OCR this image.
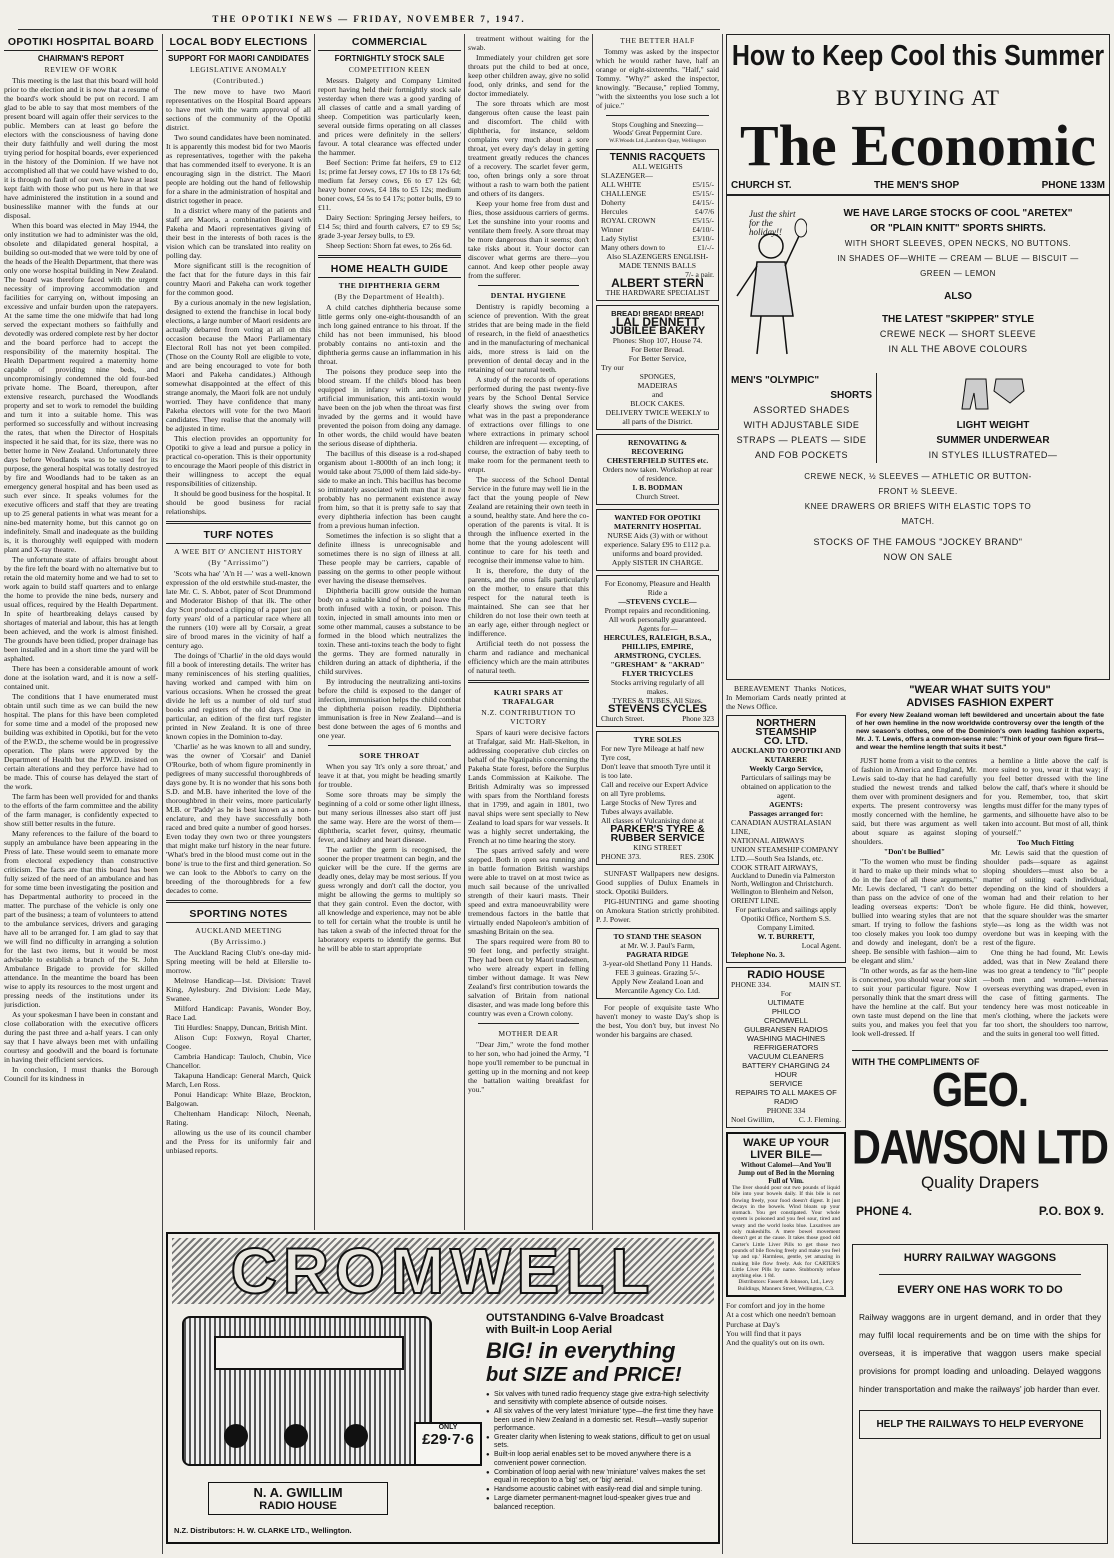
THE OPOTIKI NEWS — FRIDAY, NOVEMBER 7, 1947.
OPOTIKI HOSPITAL BOARD
CHAIRMAN'S REPORT
REVIEW OF WORK

This meeting is the last that this board will hold prior to the election and it is now that a resume of the board's work should be put on record. I am glad to be able to say that most members of the present board will again offer their services to the public. Members can at least go before the electors with the consciousness of having done their duty faithfully and well during the most trying period for hospital boards, ever experienced in the history of the Dominion. If we have not accomplished all that we could have wished to do, it is through no fault of our own. We have at least kept faith with those who put us here in that we have administered the institution in a sound and businesslike manner with the funds at our disposal.

When this board was elected in May 1944, the only institution we had to administer was the old, obsolete and dilapidated general hospital, a building so out-moded that we were told by one of the heads of the Health Department, that there was only one worse hospital building in New Zealand. The board was therefore faced with the urgent necessity of improving accommodation and facilities for carrying on, without imposing an excessive and unfair burden upon the ratepayers. At the same time the one midwife that had long served the expectant mothers so faithfully and devotedly was ordered complete rest by her doctor and the board perforce had to accept the responsibility of the maternity hospital. The Health Department required a maternity home capable of providing nine beds, and uncompromisingly condemned the old four-bed private home. The Board, thereupon, after extensive research, purchased the Woodlands property and set to work to remodel the building and turn it into a suitable home. This was performed so successfully and without increasing the rates, that when the Director of Hospitals inspected it he said that, for its size, there was no better home in New Zealand. Unfortunately three days before Woodlands was to be used for its purpose, the general hospital was totally destroyed by fire and Woodlands had to be taken as an emergency general hospital and has been used as such ever since. It speaks volumes for the executive officers and staff that they are treating up to 25 general patients in what was meant for a nine-bed maternity home, but this cannot go on indefinitely. Small and inadequate as the building is, it is thoroughly well equipped with modern plant and X-ray theatre.

The unfortunate state of affairs brought about by the fire left the board with no alternative but to retain the old maternity home and we had to set to work again to build staff quarters and to enlarge the home to provide the nine beds, nursery and usual offices, required by the Health Department. In spite of heartbreaking delays caused by shortages of material and labour, this has at length been achieved, and the work is almost finished. The grounds have been tidied, proper drainage has been installed and in a short time the yard will be asphalted.

There has been a considerable amount of work done at the isolation ward, and it is now a self-contained unit.

The conditions that I have enumerated must obtain until such time as we can build the new hospital. The plans for this have been completed for some time and a model of the proposed new building was exhibited in Opotiki, but for the veto of the P.W.D., the scheme would be in progressive operation. The plans were approved by the Department of Health but the P.W.D. insisted on certain alterations and they perforce have had to be made. This of course has delayed the start of the work.

The farm has been well provided for and thanks to the efforts of the farm committee and the ability of the farm manager, is confidently expected to show still better results in the future.

Many references to the failure of the board to supply an ambulance have been appearing in the Press of late. These would seem to emanate more from electoral expediency than constructive criticism. The facts are that this board has been fully seized of the need of an ambulance and has for some time been investigating the position and has Departmental authority to proceed in the matter. The purchase of the vehicle is only one part of the business; a team of volunteers to attend to the ambulance services, drivers and garaging have all to be arranged for. I am glad to say that we will find no difficulty in arranging a solution for the last two items, but it would be most advisable to establish a branch of the St. John Ambulance Brigade to provide for skilled attendance. In the meantime the board has been wise to apply its resources to the most urgent and pressing needs of the institutions under its jurisdiction.

As your spokesman I have been in constant and close collaboration with the executive officers during the past three and a-half years. I can only say that I have always been met with unfailing courtesy and goodwill and the board is fortunate in having their efficient services.

In conclusion, I must thanks the Borough Council for its kindness in

LOCAL BODY ELECTIONS
SUPPORT FOR MAORI CANDIDATES
LEGISLATIVE ANOMALY
(Contributed.)

The new move to have two Maori representatives on the Hospital Board appears to have met with the warm approval of all sections of the community of the Opotiki district.

Two sound candidates have been nominated. It is apparently this modest bid for two Maoris as representatives, together with the pakeha that has commended itself to everyone. It is an encouraging sign in the district. The Maori people are holding out the hand of fellowship for a share in the administration of hospital and district together in peace.

In a district where many of the patients and staff are Maoris, a combination Board with Pakeha and Maori representatives giving of their best in the interests of both races is the vision which can be translated into reality on polling day.

More significant still is the recognition of the fact that for the future days in this fair country Maori and Pakeha can work together for the common good.

By a curious anomaly in the new legislation, designed to extend the franchise in local body elections, a large number of Maori residents are actually debarred from voting at all on this occasion because the Maori Parliamentary Electoral Roll has not yet been compiled. (Those on the County Roll are eligible to vote, and are being encouraged to vote for both Maori and Pakeha candidates.) Although somewhat disappointed at the effect of this strange anomaly, the Maori folk are not unduly worried. They have confidence that many Pakeha electors will vote for the two Maori candidates. They realise that the anomaly will be adjusted in time.

This election provides an opportunity for Opotiki to give a lead and pursue a policy in practical co-operation. This is their opportunity to encourage the Maori people of this district in their willingness to accept the equal responsibilities of citizenship.

It should be good business for the hospital. It should be good business for racial relationships.

TURF NOTES
A WEE BIT O' ANCIENT HISTORY
(By "Arrissimo")

'Scots wha hae' 'A'n H —' was a well-known expression of the old erstwhile stud-master, the late Mr. C. S. Abbot, pater of Scot Drummond and Moderator Bishop of that ilk. The other day Scot produced a clipping of a paper just on forty years' old of a particular race where all the runners (10) were all by Corsair, a great sire of brood mares in the vicinity of half a century ago.

The doings of 'Charlie' in the old days would fill a book of interesting details. The writer has many reminiscences of his sterling qualities, having worked and camped with him on various occasions. When he crossed the great divide he left us a number of old turf stud books and registers of the old days. One in particular, an edition of the first turf register printed in New Zealand. It is one of three known copies in the Dominion to-day.

'Charlie' as he was known to all and sundry, was the owner of 'Corsair' and Daniel O'Rourke, both of whom figure prominently in pedigrees of many successful thoroughbreds of days gone by. It is no wonder that his sons both S.D. and M.B. have inherited the love of the thoroughbred in their veins, more particularly M.B. or 'Paddy' as he is best known as a non-enclature, and they have successfully both raced and bred quite a number of good horses. Even today they own two or three youngsters that might make turf history in the near future. 'What's bred in the blood must come out in the bone' is true to the first and third generation. So we can look to the Abbot's to carry on the breeding of the thoroughbreds for a few decades to come.

SPORTING NOTES
AUCKLAND MEETING
(By Arrissimo.)

The Auckland Racing Club's one-day mid-Spring meeting will be held at Ellerslie to-morrow.

Melrose Handicap—1st. Division: Travel King, Aylesbury. 2nd Division: Lede May, Swanee.

Milford Handicap: Pavanis, Wonder Boy, Race Lad.

Titi Hurdles: Snappy, Duncan, British Mint.

Alison Cup: Foxwyn, Royal Charter, Coogee.

Cambria Handicap: Tauloch, Chubin, Vice Chancellor.

Takapuna Handicap: General March, Quick March, Len Ross.

Ponui Handicap: White Blaze, Brockton, Balgowan.

Cheltenham Handicap: Niloch, Neenah, Rating.

allowing us the use of its council chamber and the Press for its uniformly fair and unbiased reports.

COMMERCIAL
FORTNIGHTLY STOCK SALE
COMPETITION KEEN

Messrs. Dalgety and Company Limited report having held their fortnightly stock sale yesterday when there was a good yarding of all classes of cattle and a small yarding of sheep. Competition was particularly keen, several outside firms operating on all classes and prices were definitely in the sellers' favour. A total clearance was effected under the hammer.

Beef Section: Prime fat heifers, £9 to £12 1s; prime fat Jersey cows, £7 10s to £8 17s 6d; medium fat Jersey cows, £6 to £7 12s 6d; heavy boner cows, £4 18s to £5 12s; medium boner cows, £4 5s to £4 17s; potter bulls, £9 to £11.

Dairy Section: Springing Jersey heifers, to £14 5s; third and fourth calvers, £7 to £9 5s; grade 3-year Jersey bulls, to £9.

Sheep Section: Shorn fat ewes, to 26s 6d.

HOME HEALTH GUIDE
THE DIPHTHERIA GERM
(By the Department of Health).

A child catches diphtheria because some little germs only one-eight-thousandth of an inch long gained entrance to his throat. If the child has not been immunised, his blood probably contains no anti-toxin and the diphtheria germs cause an inflammation in his throat.

The poisons they produce seep into the blood stream. If the child's blood has been equipped in infancy with anti-toxin by artificial immunisation, this anti-toxin would have been on the job when the throat was first invaded by the germs and it would have prevented the poison from doing any damage. In other words, the child would have beaten the serious disease of diphtheria.

The bacillus of this disease is a rod-shaped organism about 1-8000th of an inch long; it would take about 75,000 of them laid side-by-side to make an inch. This bacillus has become so intimately associated with man that it now probably has no permanent existence away from him, so that it is pretty safe to say that every diphtheria infection has been caught from a previous human infection.

Sometimes the infection is so slight that a definite illness is unrecognisable and sometimes there is no sign of illness at all. These people may be carriers, capable of passing on the germs to other people without ever having the disease themselves.

Diphtheria bacilli grow outside the human body on a suitable kind of broth and leave the broth infused with a toxin, or poison. This toxin, injected in small amounts into men or some other mammal, causes a substance to be formed in the blood which neutralizes the toxin. These anti-toxins teach the body to fight the germs. They are formed naturally in children during an attack of diphtheria, if the child survives.

By introducing the neutralizing anti-toxins before the child is exposed to the danger of infection, immunisation helps the child combat the diphtheria poison readily. Diphtheria immunisation is free in New Zealand—and is best done between the ages of 6 months and one year.

SORE THROAT

When you say 'It's only a sore throat,' and leave it at that, you might be heading smartly for trouble.

Some sore throats may be simply the beginning of a cold or some other light illness, but many serious illnesses also start off just the same way. Here are the worst of them—diphtheria, scarlet fever, quinsy, rheumatic fever, and kidney and heart disease.

The earlier the germ is recognised, the sooner the proper treatment can begin, and the quicker will be the cure. If the germs are deadly ones, delay may be most serious. If you guess wrongly and don't call the doctor, you might be allowing the germs to multiply so that they gain control. Even the doctor, with all knowledge and experience, may not be able to tell for certain what the trouble is until he has taken a swab of the infected throat for the laboratory experts to identify the germs. But he will be able to start appropriate

treatment without waiting for the swab.

Immediately your children get sore throats put the child to bed at once, keep other children away, give no solid food, only drinks, and send for the doctor immediately.

The sore throats which are most dangerous often cause the least pain and discomfort. The child with diphtheria, for instance, seldom complains very much about a sore throat, yet every day's delay in getting treatment greatly reduces the chances of a recovery. The scarlet fever germ, too, often brings only a sore throat without a rash to warn both the patient and others of its dangers.

Keep your home free from dust and flies, those assiduous carriers of germs. Let the sunshine into your rooms and ventilate them freely. A sore throat may be more dangerous than it seems; don't take risks about it. Your doctor can discover what germs are there—you cannot. And keep other people away from the sufferer.

DENTAL HYGIENE

Dentistry is rapidly becoming a science of prevention. With the great strides that are being made in the field of research, in the field of anaesthetics and in the manufacturing of mechanical aids, more stress is laid on the prevention of dental decay and in the retaining of our natural teeth.

A study of the records of operations performed during the past twenty-five years by the School Dental Service clearly shows the swing over from what was in the past a preponderance of extractions over fillings to one where extractions in primary school children are infrequent — excepting, of course, the extraction of baby teeth to make room for the permanent teeth to erupt.

The success of the School Dental Service in the future may well lie in the fact that the young people of New Zealand are retaining their own teeth in a sound, healthy state. And here the co-operation of the parents is vital. It is through the influence exerted in the home that the young adolescent will continue to care for his teeth and recognise their immense value to him.

It is, therefore, the duty of the parents, and the onus falls particularly on the mother, to ensure that this respect for the natural teeth is maintained. She can see that her children do not lose their own teeth at an early age, either through neglect or indifference.

Artificial teeth do not possess the charm and radiance and mechanical efficiency which are the main attributes of natural teeth.

KAURI SPARS AT TRAFALGAR
N.Z. CONTRIBUTION TO VICTORY

Spars of kauri were decisive factors at Trafalgar, said Mr. Hall-Skelton, in addressing cooperative club circles on behalf of the Ngatipahis concerning the Pakeha State forest, before the Surplus Lands Commission at Kaikohe. The British Admiralty was so impressed with spars from the Northland forests that in 1799, and again in 1801, two naval ships were sent specially to New Zealand to load spars for war vessels. It was a highly secret undertaking, the French at no time hearing the story.

The spars arrived safely and were stepped. Both in open sea running and in battle formation British warships were able to travel on at most twice as much sail because of the unrivalled strength of their kauri masts. Their speed and extra manoeuvrability were tremendous factors in the battle that virtually ended Napoleon's ambition of smashing Britain on the sea.

The spars required were from 80 to 90 feet long, and perfectly straight. They had been cut by Maori tradesmen, who were already expert in felling timber without damage. It was New Zealand's first contribution towards the salvation of Britain from national disaster, and was made long before this country was even a Crown colony.

MOTHER DEAR

"Dear Jim," wrote the fond mother to her son, who had joined the Army, "I hope you'll remember to be punctual in getting up in the morning and not keep the battalion waiting breakfast for you."

THE BETTER HALF

Tommy was asked by the inspector which he would rather have, half an orange or eight-sixteenths. "Half," said Tommy. "Why?" asked the inspector, knowingly. "Because," replied Tommy, "with the sixteenths you lose such a lot of juice."

Stops Coughing and Sneezing—
Woods' Great Peppermint Cure.
W.F.Woods Ltd.,Lambton Quay, Wellington
TENNIS RACQUETS
ALL WEIGHTS
SLAZENGER—
ALL WHITE	£5/15/-
CHALLENGE	£5/15/-
Doherty	£4/15/-
Hercules	£4/7/6
ROYAL CROWN	£5/15/-
Winner	£4/10/-
Lady Stylist	£3/10/-
Many others down to	£1/-/-
Also SLAZENGERS ENGLISH-MADE TENNIS BALLS
7/- a pair.
ALBERT STERN
THE HARDWARE SPECIALIST
BREAD! BREAD! BREAD!
LAL DENNETT
JUBILEE BAKERY
Phones: Shop 107, House 74.
For Better Bread.
For Better Service,
Try our
SPONGES,
MADEIRAS
and
BLOCK CAKES.
DELIVERY TWICE WEEKLY to all parts of the District.
RENOVATING & RECOVERING CHESTERFIELD SUITES etc.
Orders now taken. Workshop at rear of residence.
I. B. BODMAN
Church Street.
WANTED FOR OPOTIKI MATERNITY HOSPITAL
NURSE Aids (3) with or without experience. Salary £95 to £112 p.a. uniforms and board provided.
Apply SISTER IN CHARGE.
For Economy, Pleasure and Health Ride a
—STEVENS CYCLE—
Prompt repairs and reconditioning. All work personally guaranteed.
Agents for—
HERCULES, RALEIGH, B.S.A., PHILLIPS, EMPIRE, ARMSTRONG, CYCLES.
"GRESHAM" & "AKRAD" FLYER TRICYCLES
Stocks arriving regularly of all makes.
TYRES & TUBES, All Sizes.
STEVENS CYCLES
Church Street.	Phone 323
TYRE SOLES
For new Tyre Mileage at half new Tyre cost,
Don't leave that smooth Tyre until it is too late.
Call and receive our Expert Advice on all Tyre problems.
Large Stocks of New Tyres and Tubes always available.
All classes of Vulcanising done at
PARKER'S TYRE & RUBBER SERVICE
KING STREET
PHONE 373.	RES. 230K

SUNFAST Wallpapers new designs. Good supplies of Dulux Enamels in stock. Opotiki Builders.

PIG-HUNTING and game shooting on Amokura Station strictly prohibited. P. J. Power.

TO STAND THE SEASON
at Mr. W. J. Paul's Farm,
PAGRATA RIDGE
3-year-old Shetland Pony 11 Hands. FEE 3 guineas. Grazing 5/-.
Apply New Zealand Loan and Mercantile Agency Co. Ltd.

For people of exquisite taste Who haven't money to waste Day's shop is the best, You don't buy, but invest No wonder his bargains are chased.

How to Keep Cool this Summer
BY BUYING AT
The Economic
CHURCH ST.	THE MEN'S SHOP	PHONE 133M
Just the shirt for the holiday!!
WE HAVE LARGE STOCKS OF COOL "ARETEX"
OR "PLAIN KNITT" SPORTS SHIRTS.
WITH SHORT SLEEVES, OPEN NECKS, NO BUTTONS.
IN SHADES OF—WHITE — CREAM — BLUE — BISCUIT —
GREEN — LEMON
ALSO
THE LATEST "SKIPPER" STYLE
CREWE NECK — SHORT SLEEVE
IN ALL THE ABOVE COLOURS
MEN'S "OLYMPIC"
SHORTS
ASSORTED SHADES
WITH ADJUSTABLE SIDE
STRAPS — PLEATS — SIDE
AND FOB POCKETS
LIGHT WEIGHT
SUMMER UNDERWEAR
IN STYLES ILLUSTRATED—
CREWE NECK, ½ SLEEVES — ATHLETIC OR BUTTON-
FRONT ½ SLEEVE.
KNEE DRAWERS OR BRIEFS WITH ELASTIC TOPS TO
MATCH.
STOCKS OF THE FAMOUS "JOCKEY BRAND"
NOW ON SALE

BEREAVEMENT Thanks Notices, In Memoriam Cards neatly printed at the News Office.

NORTHERN STEAMSHIP
CO. LTD.
AUCKLAND TO OPOTIKI AND KUTARERE
Weekly Cargo Service,
Particulars of sailings may be obtained on application to the agent.
AGENTS:
Passages arranged for:
CANADIAN AUSTRALASIAN LINE,
NATIONAL AIRWAYS
UNION STEAMSHIP COMPANY LTD.—South Sea Islands, etc.
COOK STRAIT AIRWAYS,
Auckland to Dunedin via Palmerston North, Wellington and Christchurch.
Wellington to Blenheim and Nelson,
ORIENT LINE.
For particulars and sailings apply Opotiki Office, Northern S.S. Company Limited.
W. T. BURRETT,
Local Agent.
Telephone No. 3.
RADIO HOUSE
PHONE 334.	MAIN ST.
For
ULTIMATE
PHILCO
CROMWELL
GULBRANSEN RADIOS
WASHING MACHINES
REFRIGERATORS
VACUUM CLEANERS
BATTERY CHARGING 24 HOUR
SERVICE
REPAIRS TO ALL MAKES OF
RADIO
PHONE 334
Noel Gwillim,	C. J. Fleming.
WAKE UP YOUR
LIVER BILE—
Without Calomel—And You'll Jump out of Bed in the Morning Full of Vim.
The liver should pour out two pounds of liquid bile into your bowels daily. If this bile is not flowing freely, your food doesn't digest. It just decays in the bowels. Wind bloats up your stomach. You get constipated. Your whole system is poisoned and you feel sour, tired and weary and the world looks blue. Laxatives are only makeshifts. A mere bowel movement doesn't get at the cause. It takes those good old Carter's Little Liver Pills to get those two pounds of bile flowing freely and make you feel 'up and up.' Harmless, gentle, yet amazing in making bile flow freely. Ask for CARTER'S Little Liver Pills by name. Stubbornly refuse anything else. 1 8d.
Distributors: Fassett & Johnson, Ltd., Levy Buildings, Manners Street, Wellington, C.3.
For comfort and joy in the home
At a cost which one needn't bemoan
Purchase at Day's
You will find that it pays
And the quality's out on its own.
"WEAR WHAT SUITS YOU"
ADVISES FASHION EXPERT
For every New Zealand woman left bewildered and uncertain about the fate of her own hemline in the now worldwide controversy over the length of the new season's clothes, one of the Dominion's own leading fashion experts, Mr. J. T. Lewis, offers a common-sense rule: "Think of your own figure first—and wear the hemline length that suits it best."

JUST home from a visit to the centres of fashion in America and England, Mr. Lewis said to-day that he had carefully studied the newest trends and talked them over with prominent designers and experts. The present controversy was mostly concerned with the hemline, he said, but there was argument as well about square as against sloping shoulders.

"Don't be Bullied"

"To the women who must be finding it hard to make up their minds what to do in the face of all these arguments," Mr. Lewis declared, "I can't do better than pass on the advice of one of the leading overseas experts: 'Don't be bullied into wearing styles that are not smart. If trying to follow the fashions too closely makes you look too dumpy and dowdy and inelegant, don't be a sheep. Be sensible with fashion—aim to be elegant and slim.'

"In other words, as far as the hem-line is concerned, you should wear your skirt to suit your particular figure. Now I personally think that the smart dress will have the hemline at the calf. But your own taste must depend on the line that suits you, and makes you feel that you look well-dressed. If

a hemline a little above the calf is more suited to you, wear it that way; if you feel better dressed with the line below the calf, that's where it should be for you. Remember, too, that skirt lengths must differ for the many types of garments, and silhouette have also to be taken into account. But most of all, think of yourself."

Too Much Fitting

Mr. Lewis said that the question of shoulder pads—square as against sloping shoulders—must also be a matter of suiting each individual, depending on the kind of shoulders a woman had and their relation to her whole figure. He did think, however, that the square shoulder was the smarter style—as long as the width was not overdone but was in keeping with the rest of the figure.

One thing he had found, Mr. Lewis added, was that in New Zealand there was too great a tendency to "fit" people—both men and women—whereas overseas everything was draped, even in the case of fitting garments. The tendency here was most noticeable in men's clothing, where the jackets were far too short, the shoulders too narrow, and the suits in general too well fitted.

WITH THE COMPLIMENTS OF
GEO. DAWSON LTD
Quality Drapers
PHONE 4.	P.O. BOX 9.
HURRY RAILWAY WAGGONS
EVERY ONE HAS WORK TO DO
Railway waggons are in urgent demand, and in order that they may fulfil local requirements and be on time with the ships for overseas, it is imperative that waggon users make special provisions for prompt loading and unloading. Delayed waggons hinder transportation and make the railways' job harder than ever.
HELP THE RAILWAYS TO HELP EVERYONE
CROMWELL
ONLY
£29·7·6
OUTSTANDING 6-Valve Broadcast
with Built-in Loop Aerial
BIG! in everything
but SIZE and PRICE!
● Six valves with tuned radio frequency stage give extra-high selectivity and sensitivity with complete absence of outside noises.
● All six valves of the very latest 'miniature' type—the first time they have been used in New Zealand in a domestic set. Result—vastly superior performance.
● Greater clarity when listening to weak stations, difficult to get on usual sets.
● Built-in loop aerial enables set to be moved anywhere there is a convenient power connection.
● Combination of loop aerial with new 'miniature' valves makes the set equal in reception to a 'big' set, or 'big' aerial.
● Handsome acoustic cabinet with easily-read dial and simple tuning.
● Large diameter permanent-magnet loud-speaker gives true and balanced reception.
N. A. GWILLIM
RADIO HOUSE
N.Z. Distributors: H. W. CLARKE LTD., Wellington.
